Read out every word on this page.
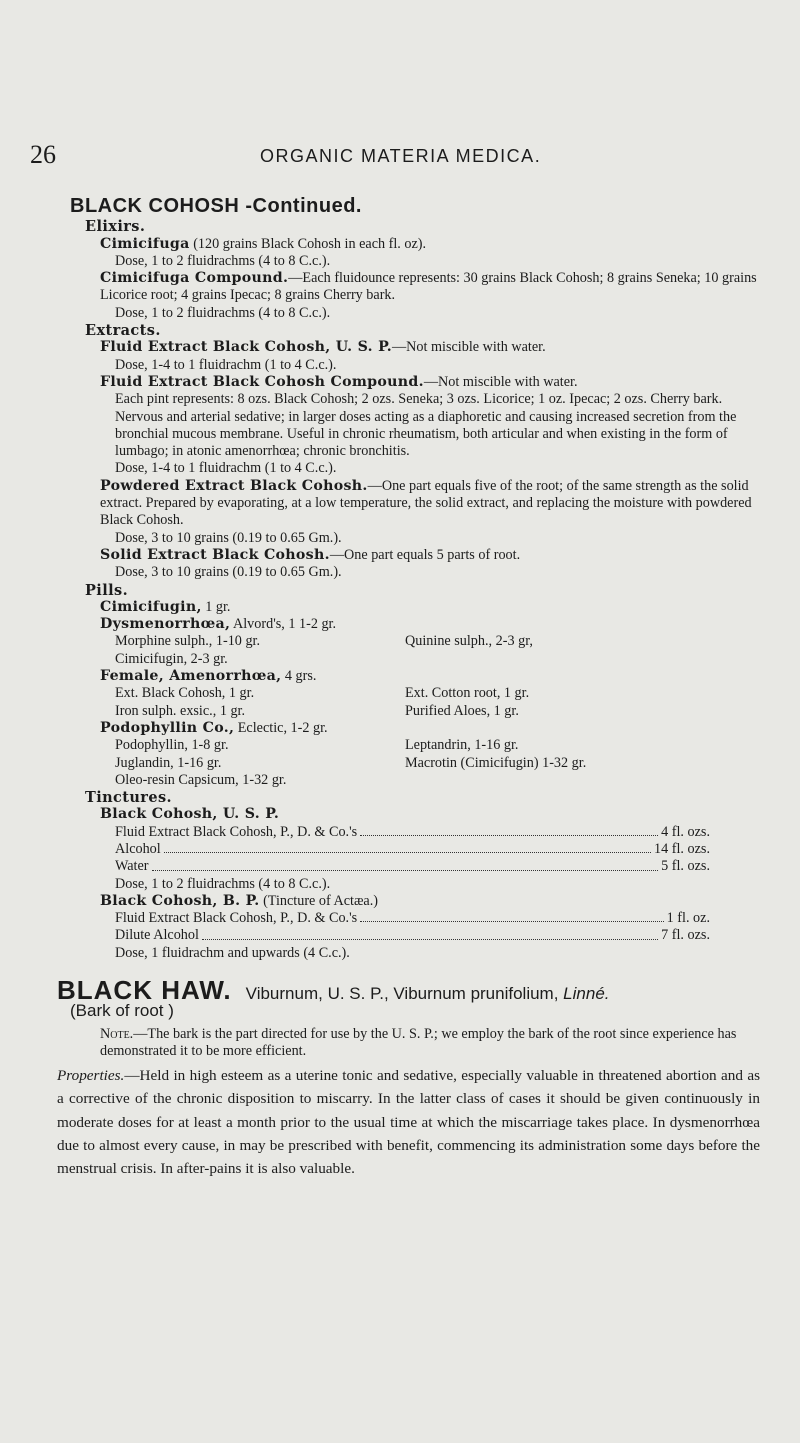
26	ORGANIC MATERIA MEDICA.
BLACK COHOSH -Continued.
Elixirs.
Cimicifuga (120 grains Black Cohosh in each fl. oz).
Dose, 1 to 2 fluidrachms (4 to 8 C.c.).
Cimicifuga Compound.—Each fluidounce represents: 30 grains Black Cohosh; 8 grains Seneka; 10 grains Licorice root; 4 grains Ipecac; 8 grains Cherry bark.
Dose, 1 to 2 fluidrachms (4 to 8 C.c.).
Extracts.
Fluid Extract Black Cohosh, U. S. P.—Not miscible with water.
Dose, 1-4 to 1 fluidrachm (1 to 4 C.c.).
Fluid Extract Black Cohosh Compound.—Not miscible with water.
Each pint represents: 8 ozs. Black Cohosh; 2 ozs. Seneka; 3 ozs. Licorice; 1 oz. Ipecac; 2 ozs. Cherry bark.
Nervous and arterial sedative; in larger doses acting as a diaphoretic and causing increased secretion from the bronchial mucous membrane. Useful in chronic rheumatism, both articular and when existing in the form of lumbago; in atonic amenorrhœa; chronic bronchitis.
Dose, 1-4 to 1 fluidrachm (1 to 4 C.c.).
Powdered Extract Black Cohosh.—One part equals five of the root; of the same strength as the solid extract. Prepared by evaporating, at a low temperature, the solid extract, and replacing the moisture with powdered Black Cohosh.
Dose, 3 to 10 grains (0.19 to 0.65 Gm.).
Solid Extract Black Cohosh.—One part equals 5 parts of root.
Dose, 3 to 10 grains (0.19 to 0.65 Gm.).
Pills.
Cimicifugin, 1 gr.
Dysmenorrhœa, Alvord's, 1 1-2 gr.
Morphine sulph., 1-10 gr.	Quinine sulph., 2-3 gr,
Cimicifugin, 2-3 gr.
Female, Amenorrhœa, 4 grs.
Ext. Black Cohosh, 1 gr.	Ext. Cotton root, 1 gr.
Iron sulph. exsic., 1 gr.	Purified Aloes, 1 gr.
Podophyllin Co., Eclectic, 1-2 gr.
Podophyllin, 1-8 gr.	Leptandrin, 1-16 gr.
Juglandin, 1-16 gr.	Macrotin (Cimicifugin) 1-32 gr.
Oleo-resin Capsicum, 1-32 gr.
Tinctures.
Black Cohosh, U. S. P.
Fluid Extract Black Cohosh, P., D. & Co.'s	4 fl. ozs.
Alcohol	14 fl. ozs.
Water	5 fl. ozs.
Dose, 1 to 2 fluidrachms (4 to 8 C.c.).
Black Cohosh, B. P. (Tincture of Actæa.)
Fluid Extract Black Cohosh, P., D. & Co.'s	1 fl. oz.
Dilute Alcohol	7 fl. ozs.
Dose, 1 fluidrachm and upwards (4 C.c.).
BLACK HAW. Viburnum, U. S. P., Viburnum prunifolium, Linné.
(Bark of root )
Note.—The bark is the part directed for use by the U. S. P.; we employ the bark of the root since experience has demonstrated it to be more efficient.
Properties.—Held in high esteem as a uterine tonic and sedative, especially valuable in threatened abortion and as a corrective of the chronic disposition to miscarry. In the latter class of cases it should be given continuously in moderate doses for at least a month prior to the usual time at which the miscarriage takes place. In dysmenorrhœa due to almost every cause, in may be prescribed with benefit, commencing its administration some days before the menstrual crisis. In after-pains it is also valuable.
